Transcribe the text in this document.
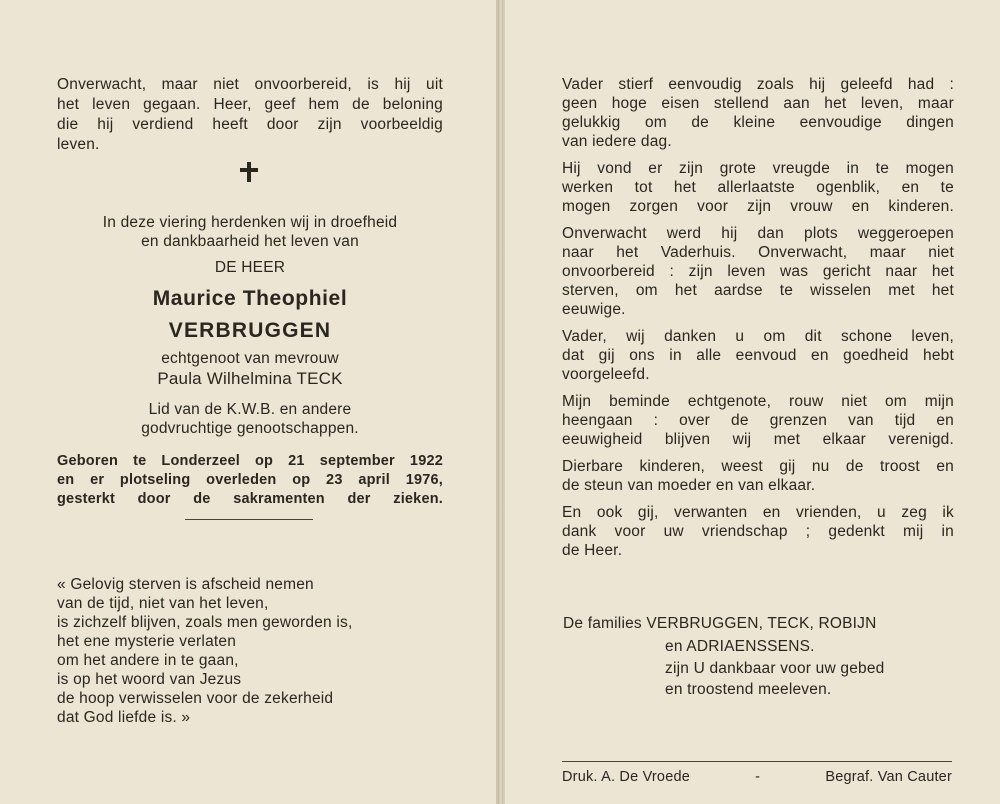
Onverwacht, maar niet onvoorbereid, is hij uit

het leven gegaan. Heer, geef hem de beloning

die hij verdiend heeft door zijn voorbeeldig

leven.

In deze viering herdenken wij in droefheid

en dankbaarheid het leven van

DE HEER

Maurice Theophiel

VERBRUGGEN

echtgenoot van mevrouw

Paula Wilhelmina TECK

Lid van de K.W.B. en andere

godvruchtige genootschappen.

Geboren te Londerzeel op 21 september 1922

en er plotseling overleden op 23 april 1976,

gesterkt door de sakramenten der zieken.

« Gelovig sterven is afscheid nemen

van de tijd, niet van het leven,

is zichzelf blijven, zoals men geworden is,

het ene mysterie verlaten

om het andere in te gaan,

is op het woord van Jezus

de hoop verwisselen voor de zekerheid

dat God liefde is. »

Vader stierf eenvoudig zoals hij geleefd had :

geen hoge eisen stellend aan het leven, maar

gelukkig om de kleine eenvoudige dingen

van iedere dag.

Hij vond er zijn grote vreugde in te mogen

werken tot het allerlaatste ogenblik, en te

mogen zorgen voor zijn vrouw en kinderen.

Onverwacht werd hij dan plots weggeroepen

naar het Vaderhuis. Onverwacht, maar niet

onvoorbereid : zijn leven was gericht naar het

sterven, om het aardse te wisselen met het

eeuwige.

Vader, wij danken u om dit schone leven,

dat gij ons in alle eenvoud en goedheid hebt

voorgeleefd.

Mijn beminde echtgenote, rouw niet om mijn

heengaan : over de grenzen van tijd en

eeuwigheid blijven wij met elkaar verenigd.

Dierbare kinderen, weest gij nu de troost en

de steun van moeder en van elkaar.

En ook gij, verwanten en vrienden, u zeg ik

dank voor uw vriendschap ; gedenkt mij in

de Heer.

De families VERBRUGGEN, TECK, ROBIJN

en ADRIAENSSENS.

zijn U dankbaar voor uw gebed

en troostend meeleven.

Druk. A. De Vroede	-	Begraf. Van Cauter
